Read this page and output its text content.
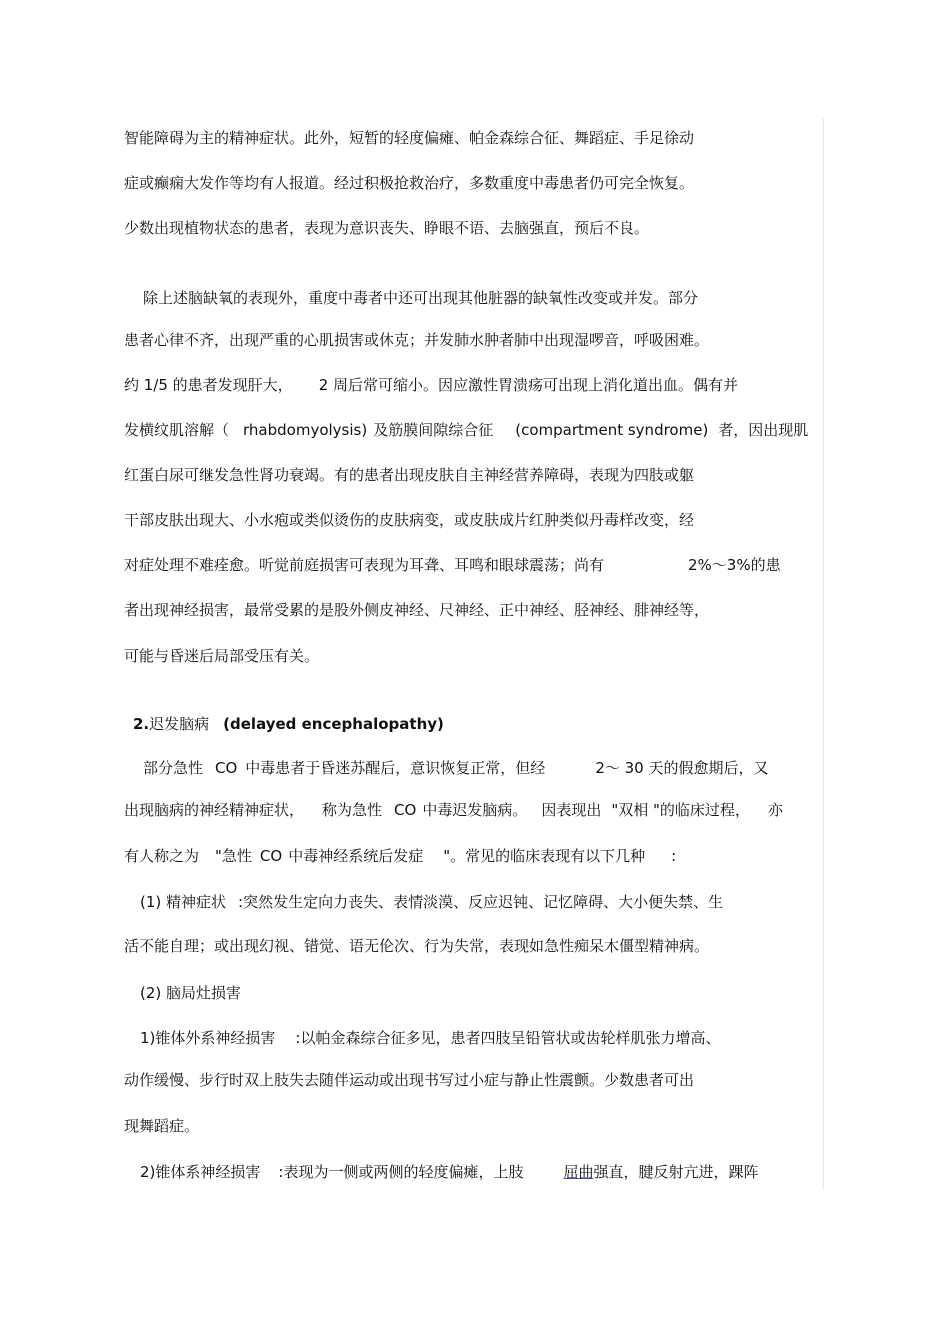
智能障碍为主的精神症状。此外，短暂的轻度偏瘫、帕金森综合征、舞蹈症、手足徐动
症或癫痫大发作等均有人报道。经过积极抢救治疗，多数重度中毒患者仍可完全恢复。
少数出现植物状态的患者，表现为意识丧失、睁眼不语、去脑强直，预后不良。
除上述脑缺氧的表现外，重度中毒者中还可出现其他脏器的缺氧性改变或并发。部分
患者心律不齐，出现严重的心肌损害或休克；并发肺水肿者肺中出现湿啰音，呼吸困难。
约 1/5 的患者发现肝大， 2 周后常可缩小。因应激性胃溃疡可出现上消化道出血。偶有并
发横纹肌溶解（ rhabdomyolysis) 及筋膜间隙综合征 (compartment syndrome) 者，因出现肌
红蛋白尿可继发急性肾功衰竭。有的患者出现皮肤自主神经营养障碍，表现为四肢或躯
干部皮肤出现大、小水疱或类似烫伤的皮肤病变，或皮肤成片红肿类似丹毒样改变，经
对症处理不难痊愈。听觉前庭损害可表现为耳聋、耳鸣和眼球震荡；尚有	2%～3%的患
者出现神经损害，最常受累的是股外侧皮神经、尺神经、正中神经、胫神经、腓神经等，
可能与昏迷后局部受压有关。
2.迟发脑病 (delayed encephalopathy)
部分急性 CO 中毒患者于昏迷苏醒后，意识恢复正常，但经	2～ 30 天的假愈期后，又
出现脑病的神经精神症状， 称为急性 CO 中毒迟发脑病。 因表现出 "双相 "的临床过程， 亦
有人称之为 "急性 CO 中毒神经系统后发症 "。常见的临床表现有以下几种 :
(1) 精神症状 :突然发生定向力丧失、表情淡漠、反应迟钝、记忆障碍、大小便失禁、生
活不能自理；或出现幻视、错觉、语无伦次、行为失常，表现如急性痴呆木僵型精神病。
(2) 脑局灶损害
1)锥体外系神经损害 :以帕金森综合征多见，患者四肢呈铅管状或齿轮样肌张力增高、
动作缓慢、步行时双上肢失去随伴运动或出现书写过小症与静止性震颤。少数患者可出
现舞蹈症。
2)锥体系神经损害 :表现为一侧或两侧的轻度偏瘫，上肢	屈曲强直，腱反射亢进，踝阵
